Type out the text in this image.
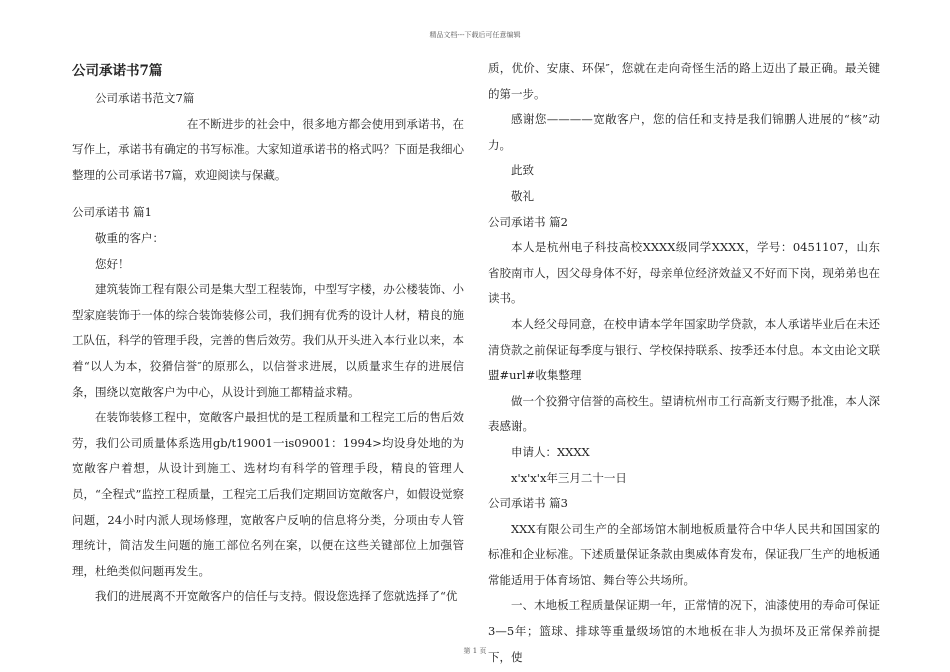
精品文档---下载后可任意编辑

公司承诺书7篇

公司承诺书范文7篇

在不断进步的社会中，很多地方都会使用到承诺书，在写作上，承诺书有确定的书写标准。大家知道承诺书的格式吗？下面是我细心整理的公司承诺书7篇，欢迎阅读与保藏。

公司承诺书 篇1

敬重的客户：

您好！

建筑装饰工程有限公司是集大型工程装饰，中型写字楼，办公楼装饰、小型家庭装饰于一体的综合装饰装修公司，我们拥有优秀的设计人材，精良的施工队伍，科学的管理手段，完善的售后效劳。我们从开头进入本行业以来，本着“以人为本，狡猾信誉″的原那么，以信誉求进展，以质量求生存的进展信条，围绕以宽敞客户为中心，从设计到施工都精益求精。

在装饰装修工程中，宽敞客户最担忧的是工程质量和工程完工后的售后效劳，我们公司质量体系选用gb/t19001一is09001：1994>均设身处地的为宽敞客户着想，从设计到施工、选材均有科学的管理手段，精良的管理人员，“全程式”监控工程质量，工程完工后我们定期回访宽敞客户，如假设觉察问题，24小时内派人现场修理，宽敞客户反响的信息将分类，分项由专人管理统计，简洁发生问题的施工部位名列在案，以便在这些关键部位上加强管理，杜绝类似问题再发生。

我们的进展离不开宽敞客户的信任与支持。假设您选择了您就选择了“优

质，优价、安康、环保″，您就在走向奇怪生活的路上迈出了最正确。最关键的第一步。

感谢您————宽敞客户，您的信任和支持是我们锦鹏人进展的“核”动力。

此致

敬礼

公司承诺书 篇2

本人是杭州电子科技高校XXXX级同学XXXX，学号：0451107，山东省胶南市人，因父母身体不好，母亲单位经济效益又不好而下岗，现弟弟也在读书。

本人经父母同意，在校申请本学年国家助学贷款，本人承诺毕业后在未还清贷款之前保证每季度与银行、学校保持联系、按季还本付息。本文由论文联盟#url#收集整理

做一个狡猾守信誉的高校生。望请杭州市工行高新支行赐予批准，本人深表感谢。

申请人：XXXX

x'x'x'x年三月二十一日

公司承诺书 篇3

XXX有限公司生产的全部场馆木制地板质量符合中华人民共和国国家的标准和企业标准。下述质量保证条款由奥威体育发布，保证我厂生产的地板通常能适用于体育场馆、舞台等公共场所。

一、木地板工程质量保证期一年，正常情的况下，油漆使用的寿命可保证3—5年；篮球、排球等重量级场馆的木地板在非人为损坏及正常保养前提下，使

第 1 页
